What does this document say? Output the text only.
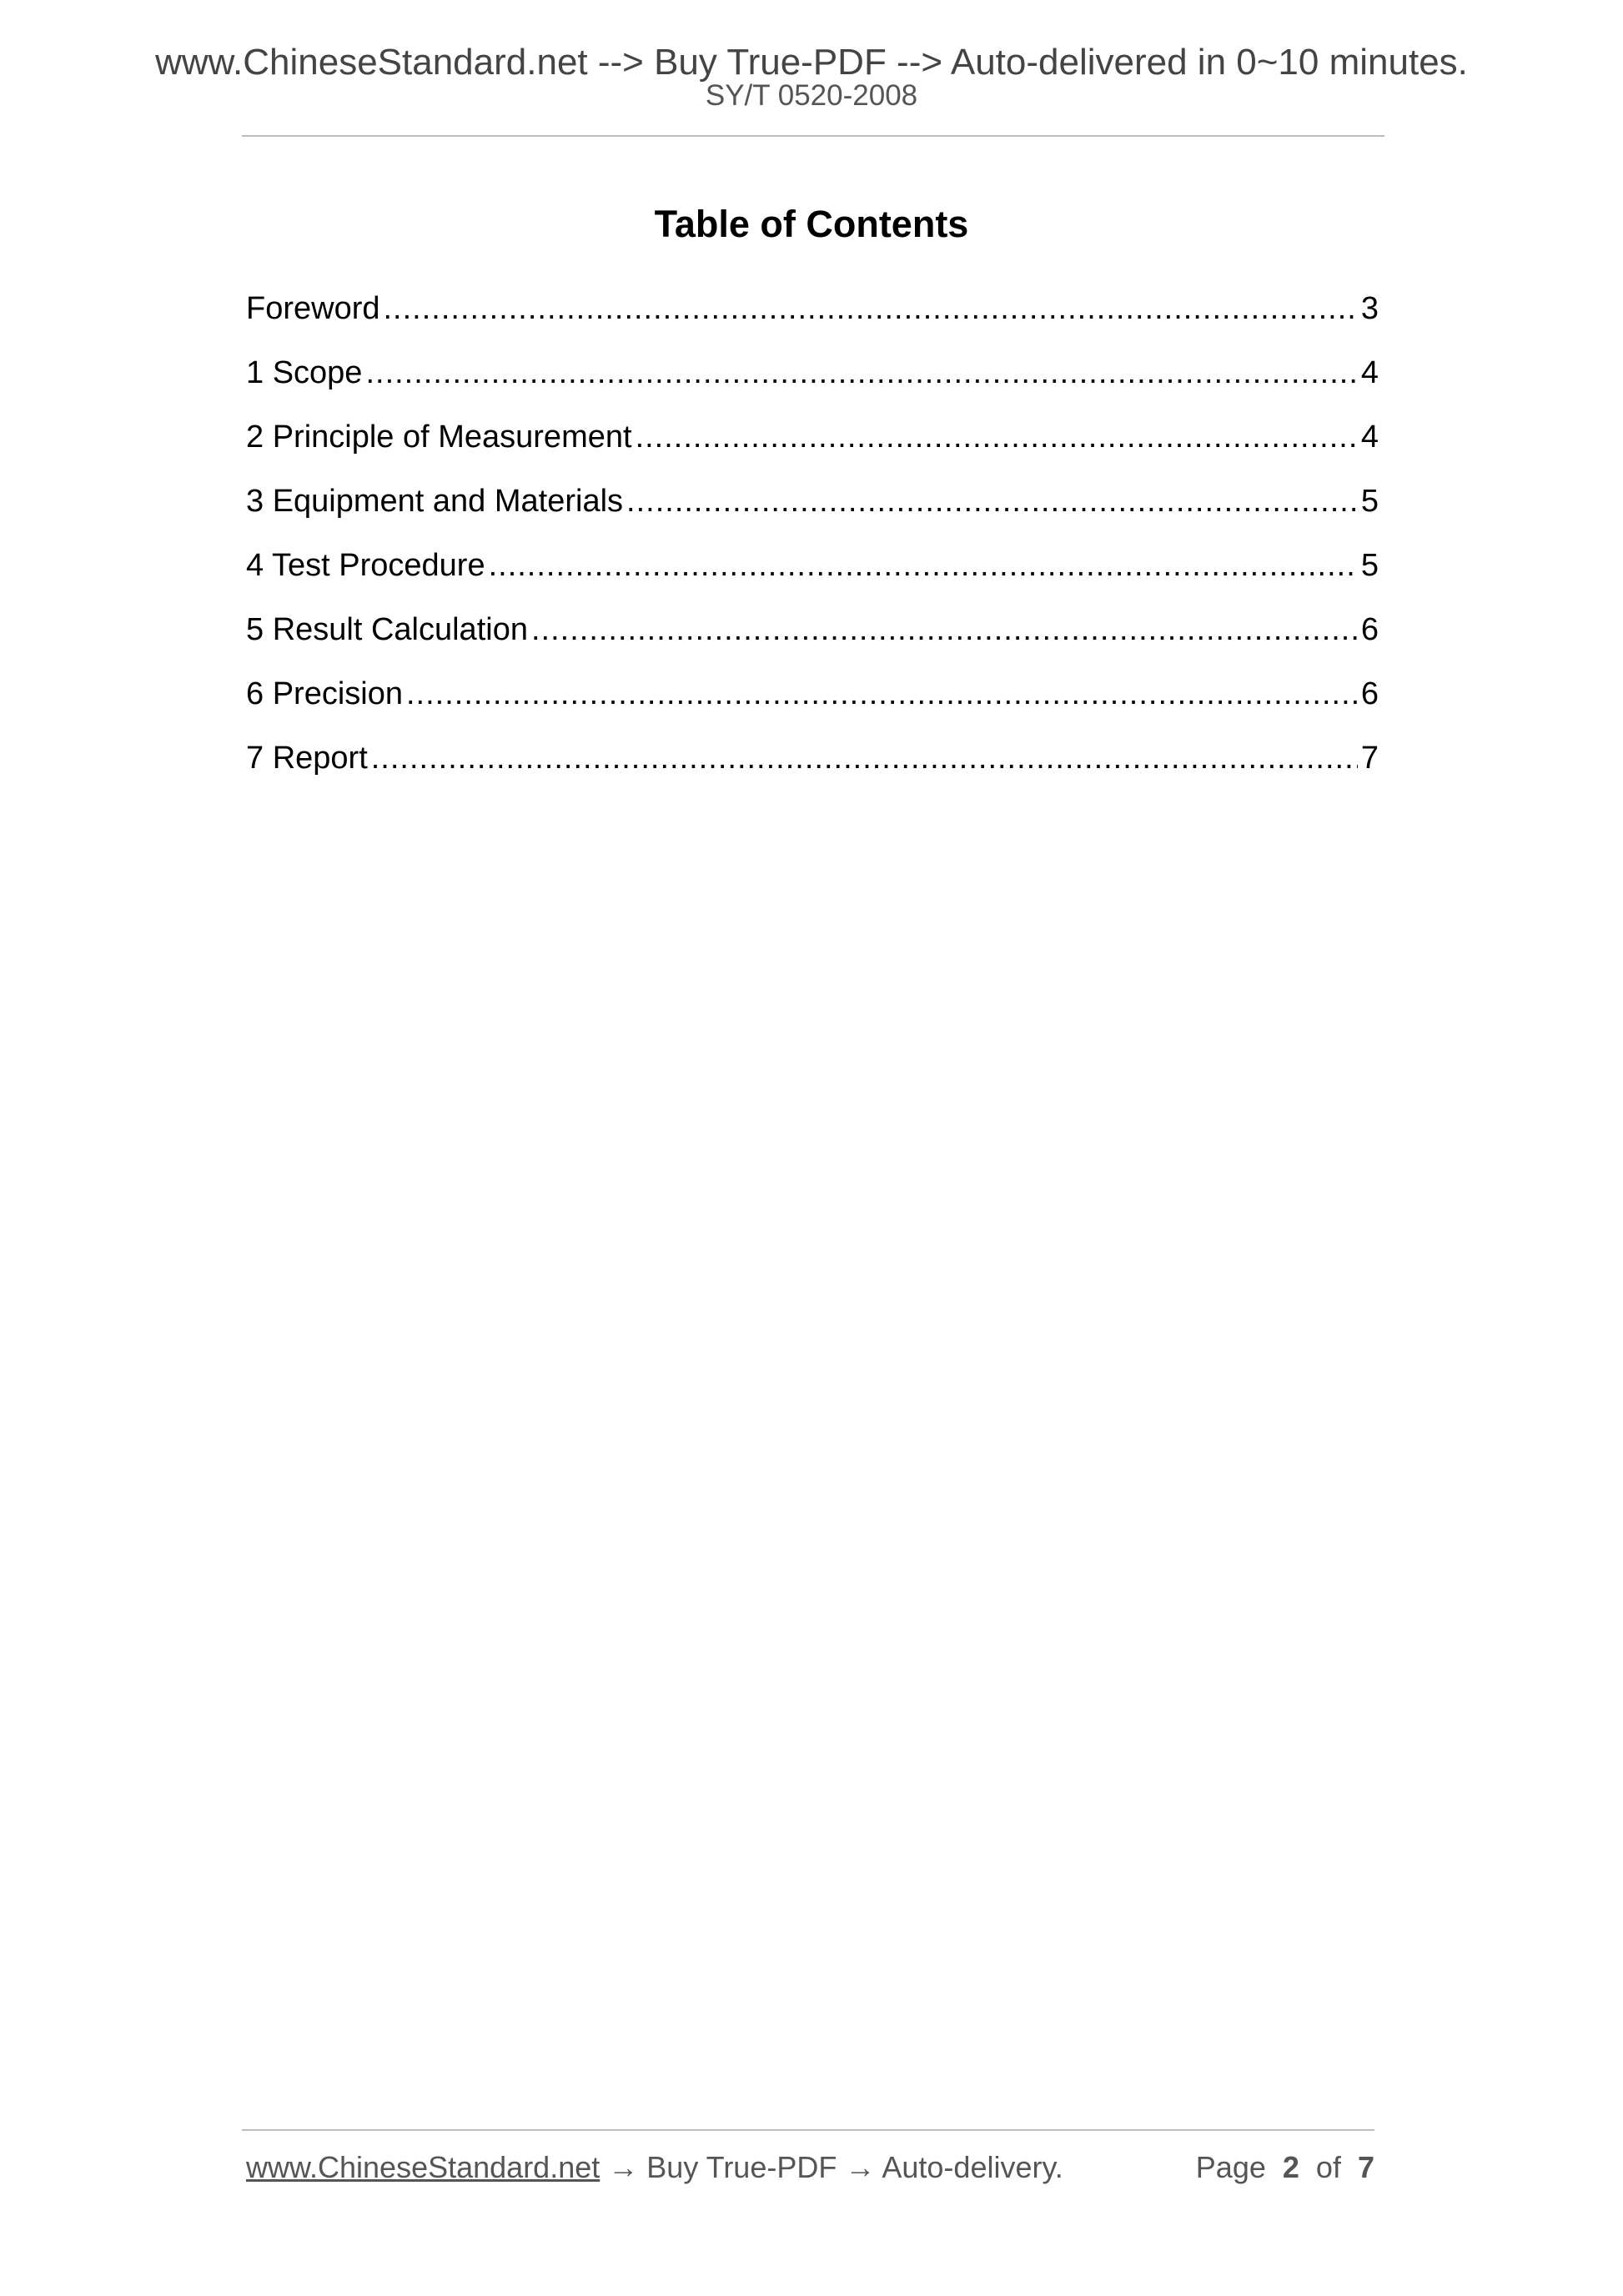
www.ChineseStandard.net --> Buy True-PDF --> Auto-delivered in 0~10 minutes.
SY/T 0520-2008
Table of Contents
Foreword .....	3
1 Scope .....	4
2 Principle of Measurement .....	4
3 Equipment and Materials .....	5
4 Test Procedure .....	5
5 Result Calculation .....	6
6 Precision .....	6
7 Report .....	7
www.ChineseStandard.net → Buy True-PDF → Auto-delivery.	Page 2 of 7
